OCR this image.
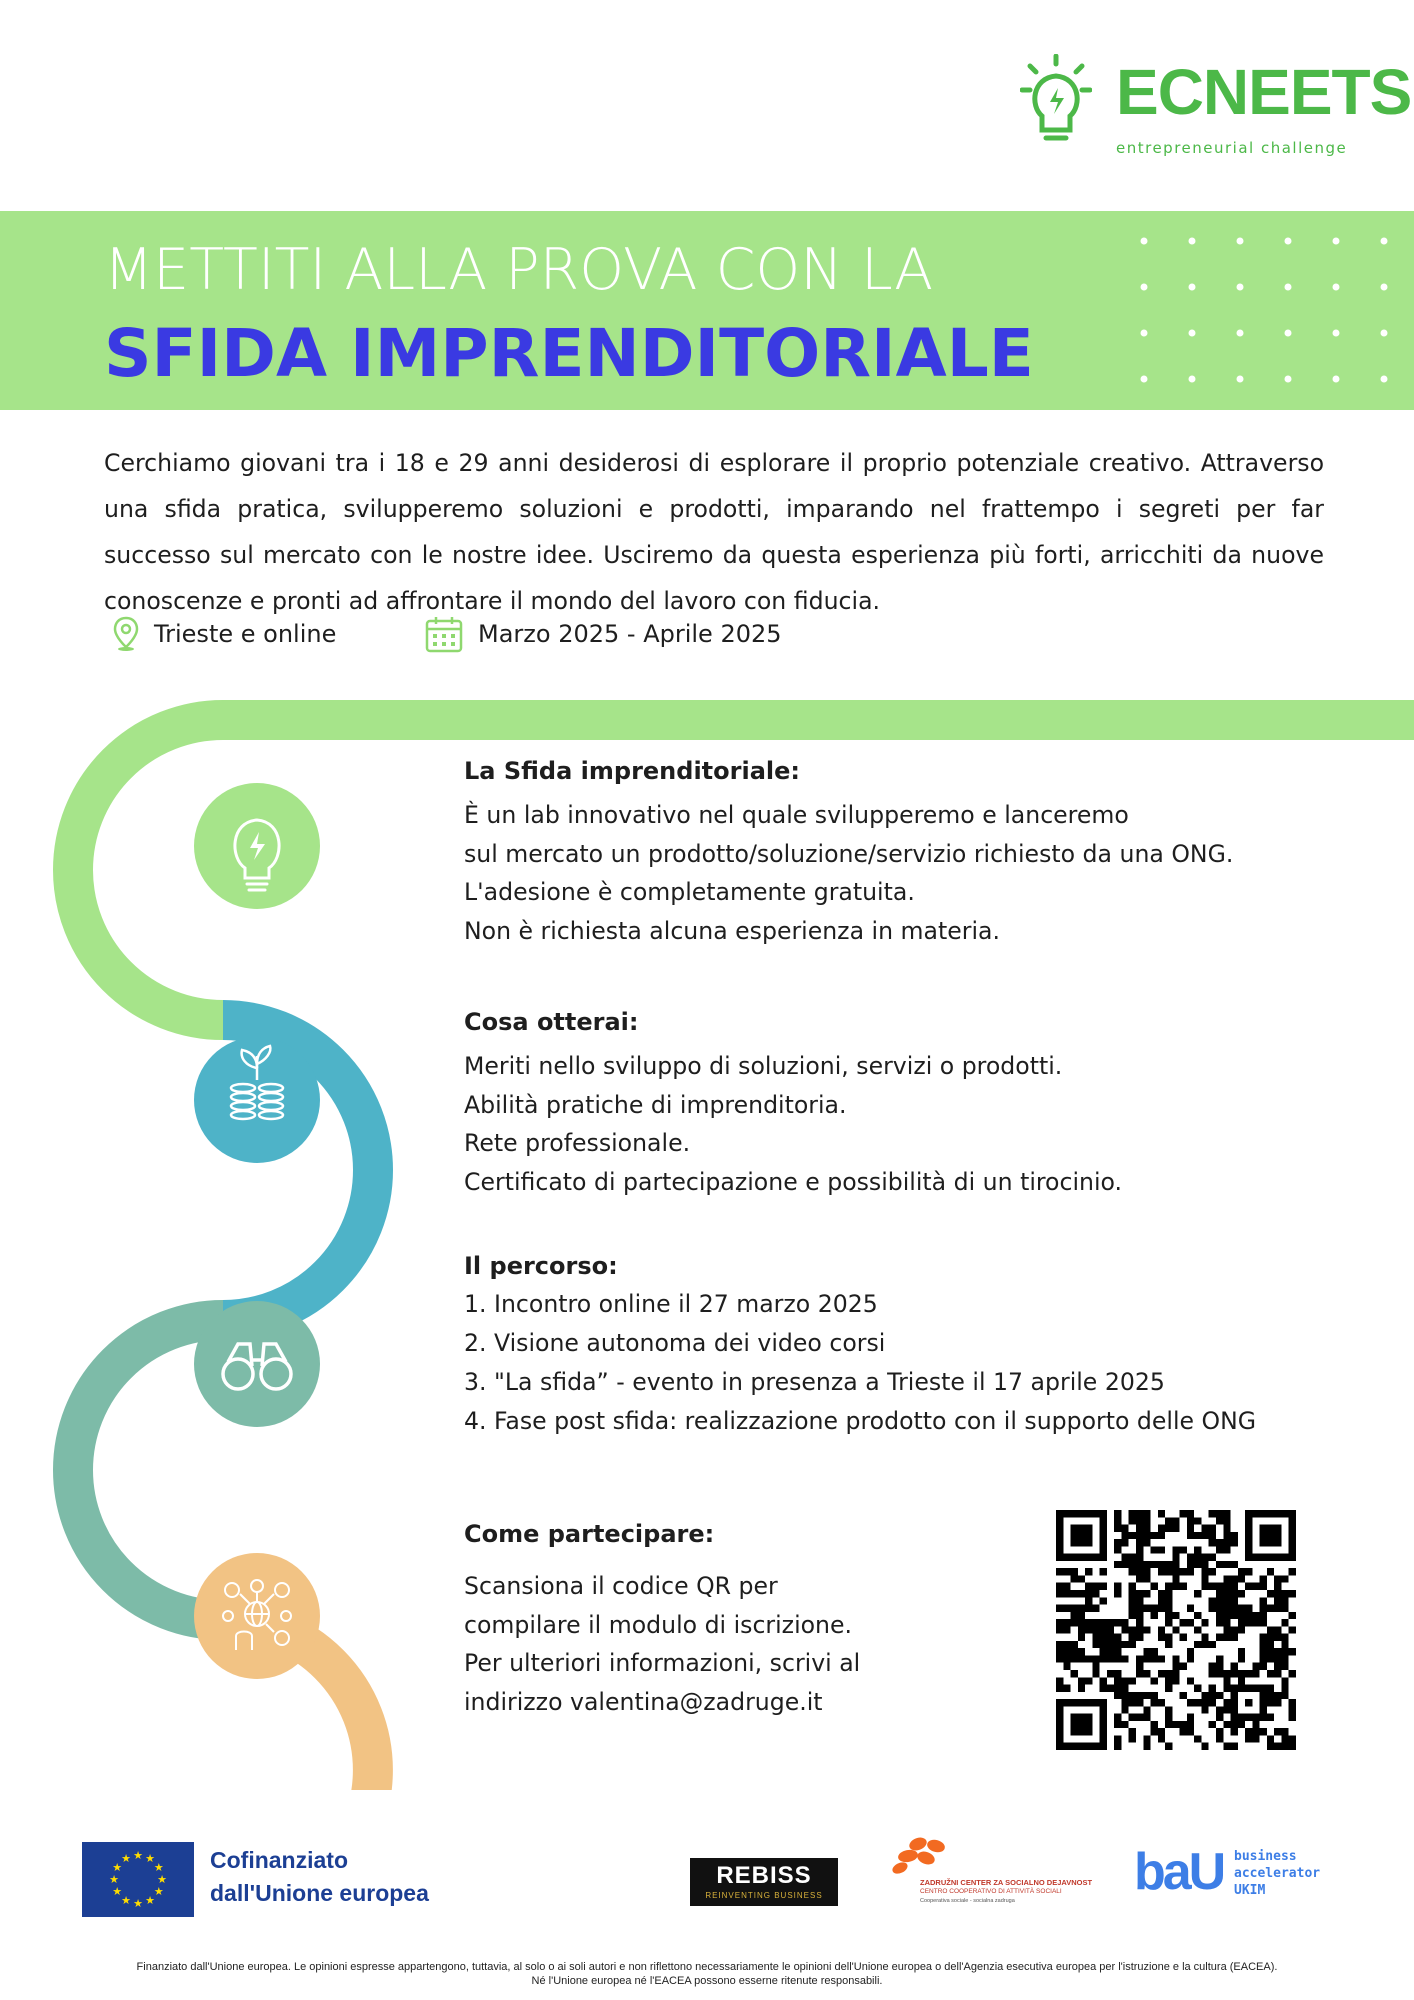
ECNEETS
entrepreneurial challenge
METTITI ALLA PROVA CON LA
SFIDA IMPRENDITORIALE

Cerchiamo giovani tra i 18 e 29 anni desiderosi di esplorare il proprio potenziale creativo. Attraverso una sfida pratica, svilupperemo soluzioni e prodotti, imparando nel frattempo i segreti per far successo sul mercato con le nostre idee. Usciremo da questa esperienza più forti, arricchiti da nuove conoscenze e pronti ad affrontare il mondo del lavoro con fiducia.

Trieste e online	Marzo 2025 - Aprile 2025
La Sfida imprenditoriale:

È un lab innovativo nel quale svilupperemo e lanceremo

sul mercato un prodotto/soluzione/servizio richiesto da una ONG.

L'adesione è completamente gratuita.

Non è richiesta alcuna esperienza in materia.

Cosa otterai:

Meriti nello sviluppo di soluzioni, servizi o prodotti.

Abilità pratiche di imprenditoria.

Rete professionale.

Certificato di partecipazione e possibilità di un tirocinio.

Il percorso:
1. Incontro online il 27 marzo 2025
2. Visione autonoma dei video corsi
3. "La sfida” - evento in presenza a Trieste il 17 aprile 2025
4. Fase post sfida: realizzazione prodotto con il supporto delle ONG
Come partecipare:

Scansiona il codice QR per

compilare il modulo di iscrizione.

Per ulteriori informazioni, scrivi al

indirizzo valentina@zadruge.it

★
★
★
★
★
★
★
★
★ ★ ★
★ Cofinanziato
dall'Unione europea
REBISS
REINVENTING BUSINESS
ZADRUŽNI CENTER ZA SOCIALNO DEJAVNOST
CENTRO COOPERATIVO DI ATTIVITÀ SOCIALI
Cooperativa sociale - socialna zadruga baU business
accelerator
UKIM
Finanziato dall'Unione europea. Le opinioni espresse appartengono, tuttavia, al solo o ai soli autori e non riflettono necessariamente le opinioni dell'Unione europea o dell'Agenzia esecutiva europea per l'istruzione e la cultura (EACEA).
Né l'Unione europea né l'EACEA possono esserne ritenute responsabili.
